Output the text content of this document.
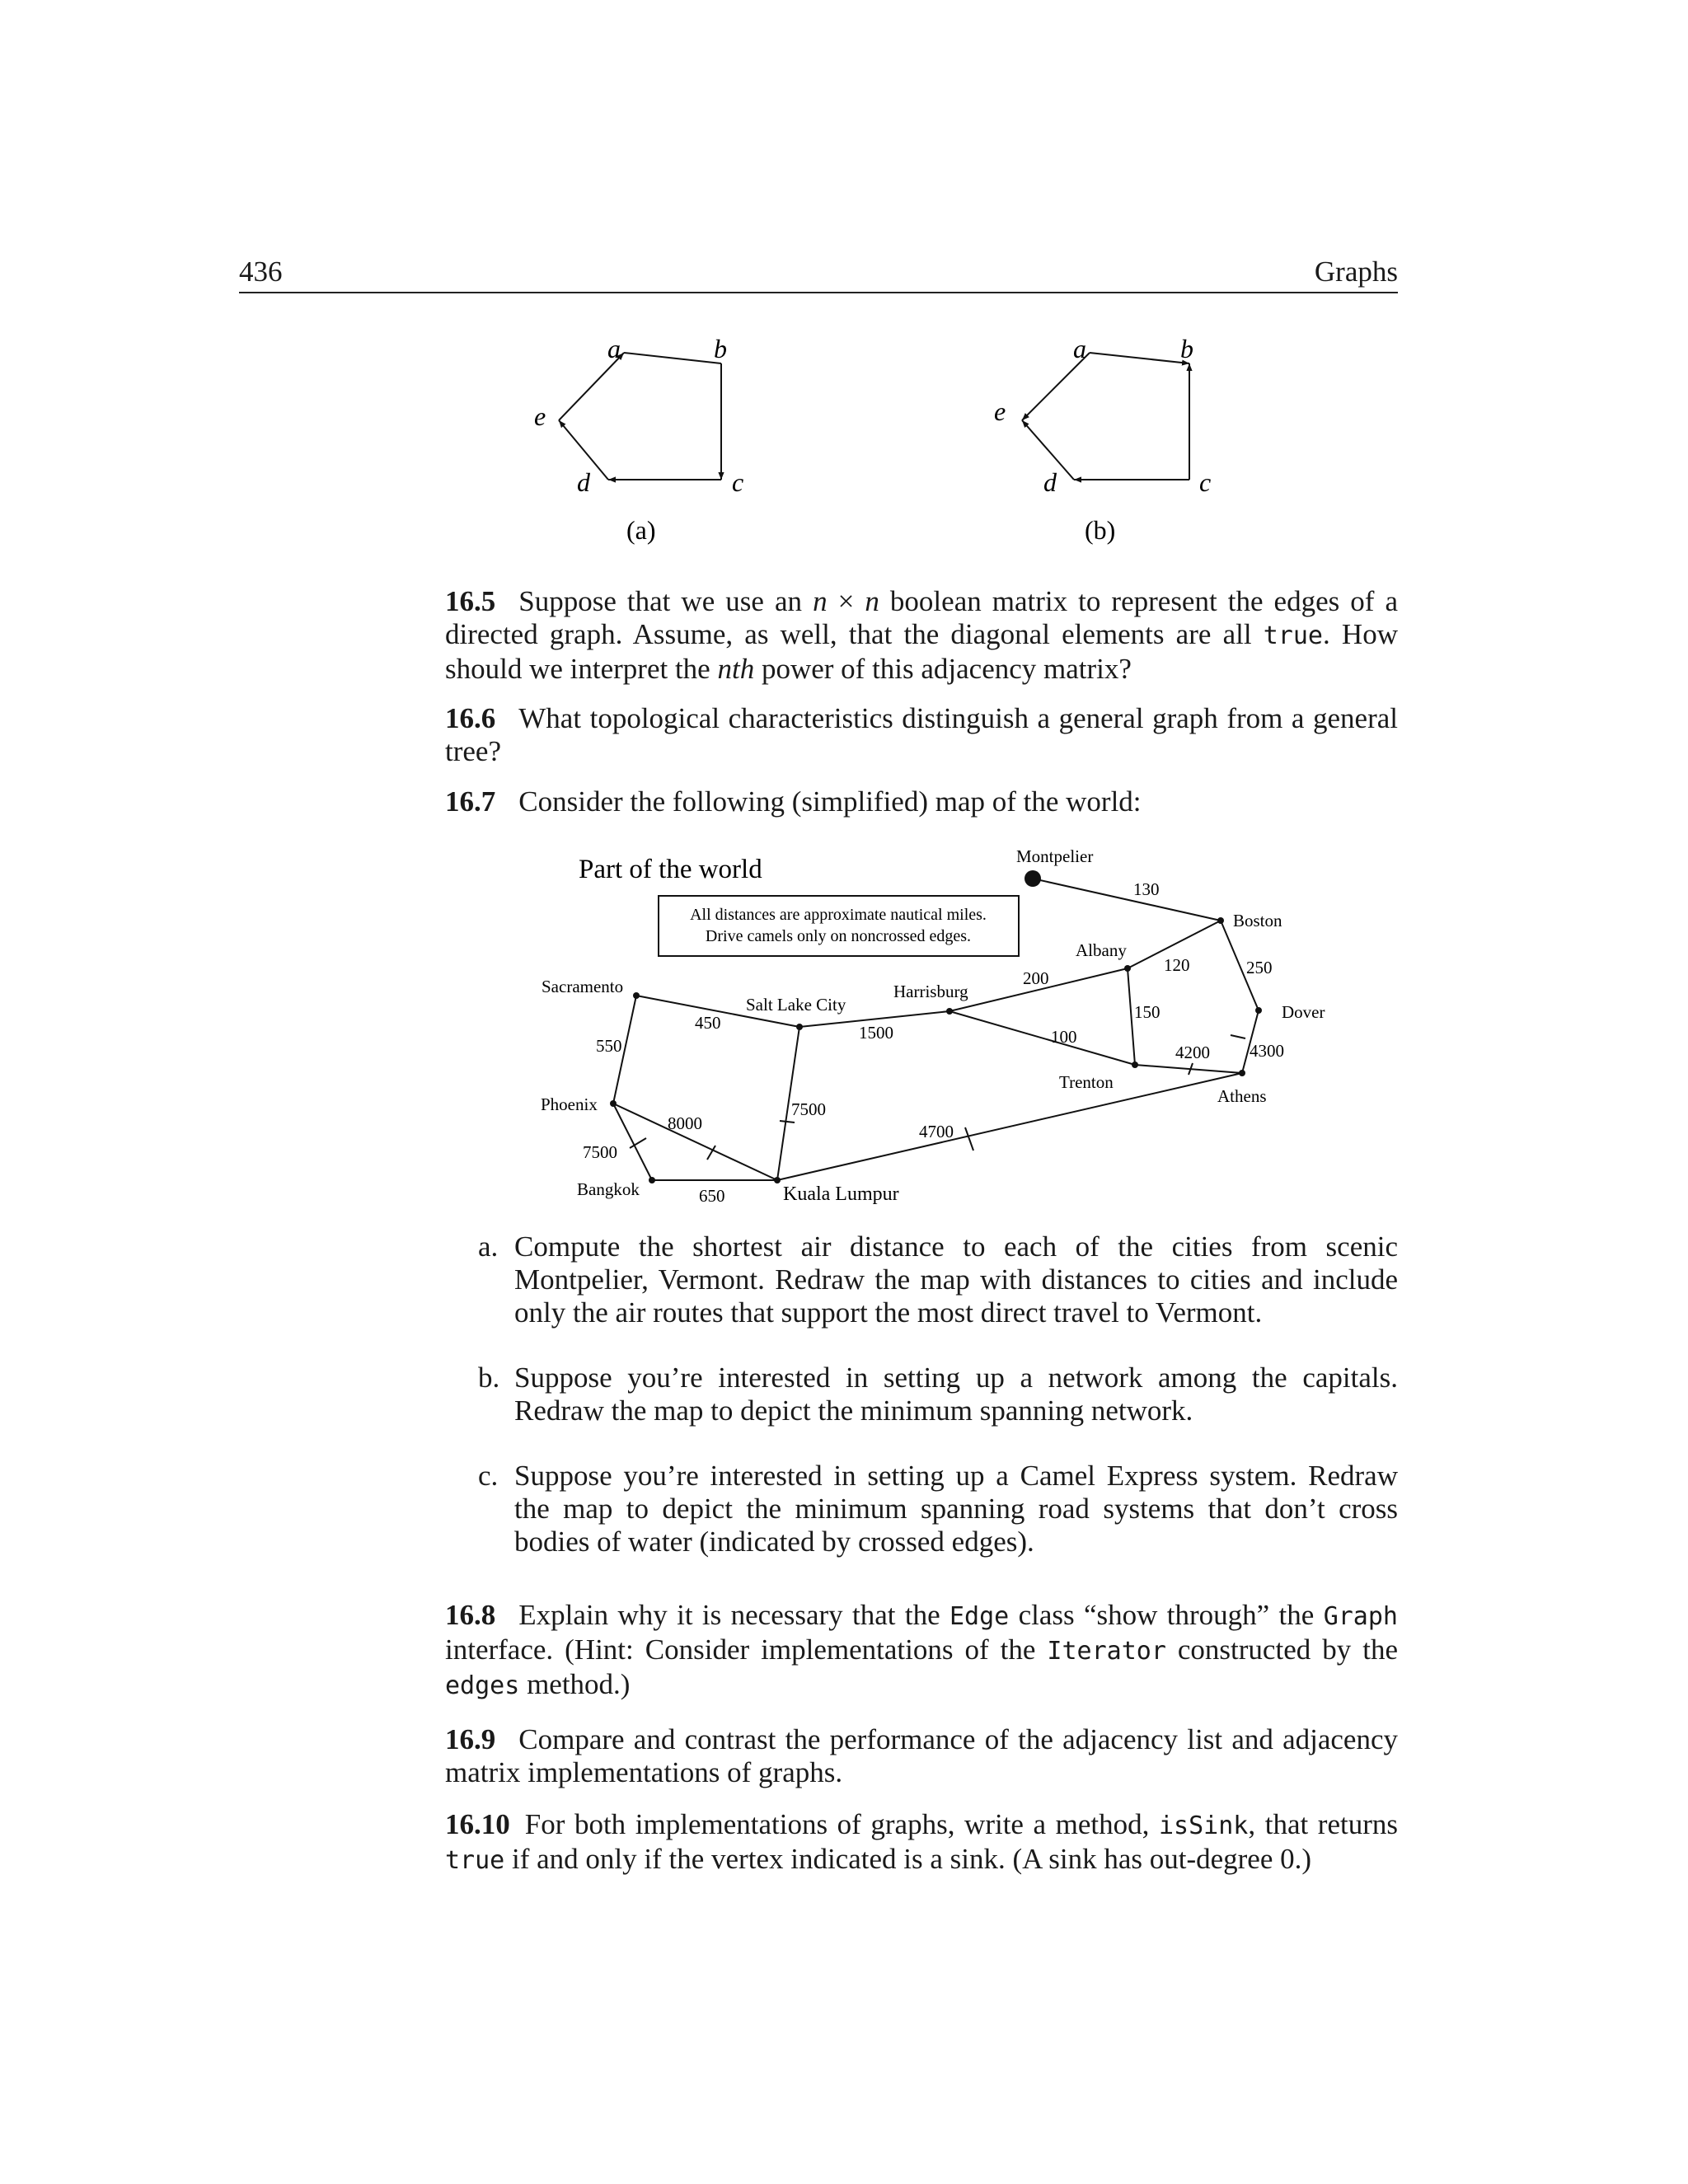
436	Graphs
a	b
c
d
e
(a)
a	b
c
d
e
(b)
16.5 Suppose that we use an n × n boolean matrix to represent the edges of a directed graph. Assume, as well, that the diagonal elements are all true. How should we interpret the nth power of this adjacency matrix?
16.6 What topological characteristics distinguish a general graph from a general tree?
16.7 Consider the following (simplified) map of the world:
Part of the world
All distances are approximate nautical miles.
Drive camels only on noncrossed edges.
Montpelier
Boston
Albany
Dover
Trenton
Athens
Harrisburg
Salt Lake City
Sacramento
Phoenix
Bangkok	Kuala Lumpur
130
120	250
200
150
4300
4200
100
1500
450
550
7500
8000
7500
650
4700
a. Compute the shortest air distance to each of the cities from scenic Montpelier, Vermont. Redraw the map with distances to cities and include only the air routes that support the most direct travel to Vermont.
b. Suppose you’re interested in setting up a network among the capitals. Redraw the map to depict the minimum spanning network.
c. Suppose you’re interested in setting up a Camel Express system. Redraw the map to depict the minimum spanning road systems that don’t cross bodies of water (indicated by crossed edges).
16.8 Explain why it is necessary that the Edge class “show through” the Graph interface. (Hint: Consider implementations of the Iterator constructed by the edges method.)
16.9 Compare and contrast the performance of the adjacency list and adjacency matrix implementations of graphs.
16.10 For both implementations of graphs, write a method, isSink, that returns true if and only if the vertex indicated is a sink. (A sink has out-degree 0.)
